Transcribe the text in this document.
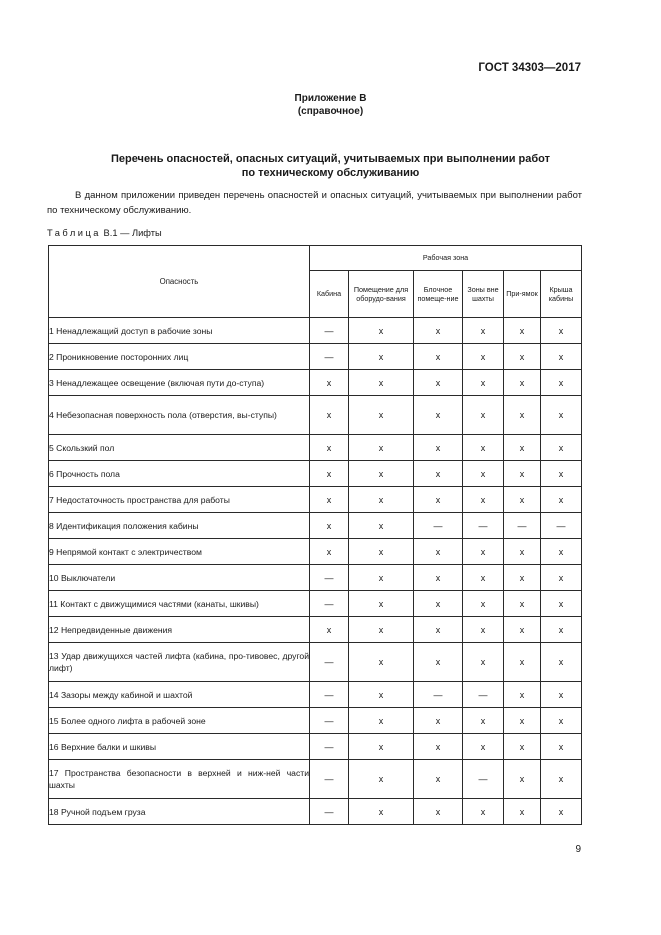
ГОСТ 34303—2017
Приложение В
(справочное)
Перечень опасностей, опасных ситуаций, учитываемых при выполнении работ
по техническому обслуживанию
В данном приложении приведен перечень опасностей и опасных ситуаций, учитываемых при выполнении работ по техническому обслуживанию.
Таблица В.1 — Лифты
Опасность	Рабочая зона					
	Кабина	Помещение для оборудо-вания	Блочное помеще-ние	Зоны вне шахты	При-ямок	Крыша кабины

1 Ненадлежащий доступ в рабочие зоны	—	x	x	x	x	x

2 Проникновение посторонних лиц	—	x	x	x	x	x

3 Ненадлежащее освещение (включая пути до-ступа)	x	x	x	x	x	x

4 Небезопасная поверхность пола (отверстия, вы-ступы)	x	x	x	x	x	x

5 Скользкий пол	x	x	x	x	x	x

6 Прочность пола	x	x	x	x	x	x

7 Недостаточность пространства для работы	x	x	x	x	x	x

8 Идентификация положения кабины	x	x	—	—	—	—

9 Непрямой контакт с электричеством	x	x	x	x	x	x

10 Выключатели	—	x	x	x	x	x

11 Контакт с движущимися частями (канаты, шкивы)	—	x	x	x	x	x

12 Непредвиденные движения	x	x	x	x	x	x

13 Удар движущихся частей лифта (кабина, про-тивовес, другой лифт)	—	x	x	x	x	x

14 Зазоры между кабиной и шахтой	—	x	—	—	x	x

15 Более одного лифта в рабочей зоне	—	x	x	x	x	x

16 Верхние балки и шкивы	—	x	x	x	x	x

17 Пространства безопасности в верхней и ниж-ней части шахты	—	x	x	—	x	x

18 Ручной подъем груза	—	x	x	x	x	x
9
